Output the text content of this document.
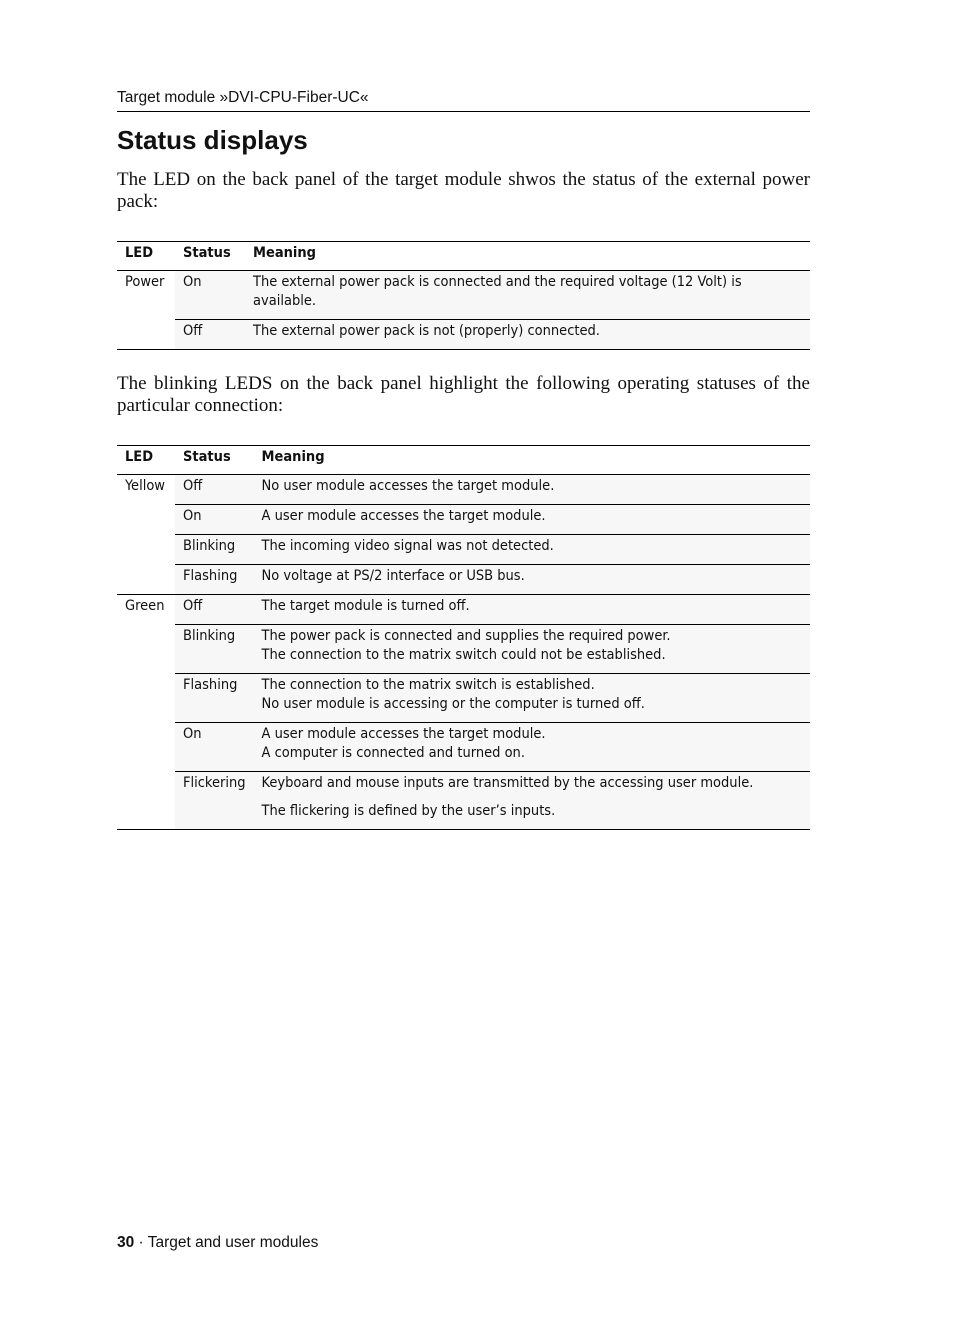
Target module »DVI-CPU-Fiber-UC«
Status displays

The LED on the back panel of the target module shwos the status of the external power pack:

LED	Status	Meaning
Power	On	The external power pack is connected and the required voltage (12 Volt) is available.
	Off	The external power pack is not (properly) connected.

The blinking LEDS on the back panel highlight the following operating statuses of the particular connection:

LED	Status	Meaning
Yellow	Off	No user module accesses the target module.
	On	A user module accesses the target module.
	Blinking	The incoming video signal was not detected.
	Flashing	No voltage at PS/2 interface or USB bus.
Green	Off	The target module is turned off.
	Blinking	The power pack is connected and supplies the required power.
The connection to the matrix switch could not be established.

	Flashing	The connection to the matrix switch is established.
No user module is accessing or the computer is turned off.

	On	A user module accesses the target module.
A computer is connected and turned on.

	Flickering	Keyboard and mouse inputs are transmitted by the accessing user module.
The flickering is defined by the user’s inputs.
30 · Target and user modules
